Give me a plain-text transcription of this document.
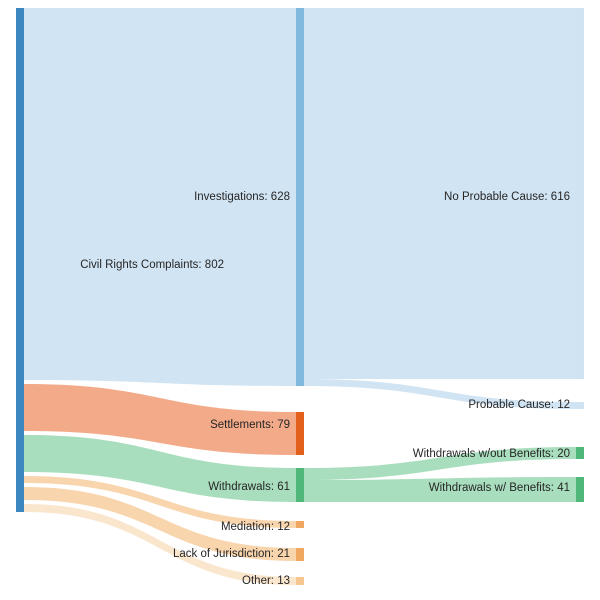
Civil Rights Complaints: 802
Investigations: 628
Settlements: 79
Withdrawals: 61
Mediation: 12
Lack of Jurisdiction: 21
Other: 13
No Probable Cause: 616
Probable Cause: 12
Withdrawals w/out Benefits: 20
Withdrawals w/ Benefits: 41
